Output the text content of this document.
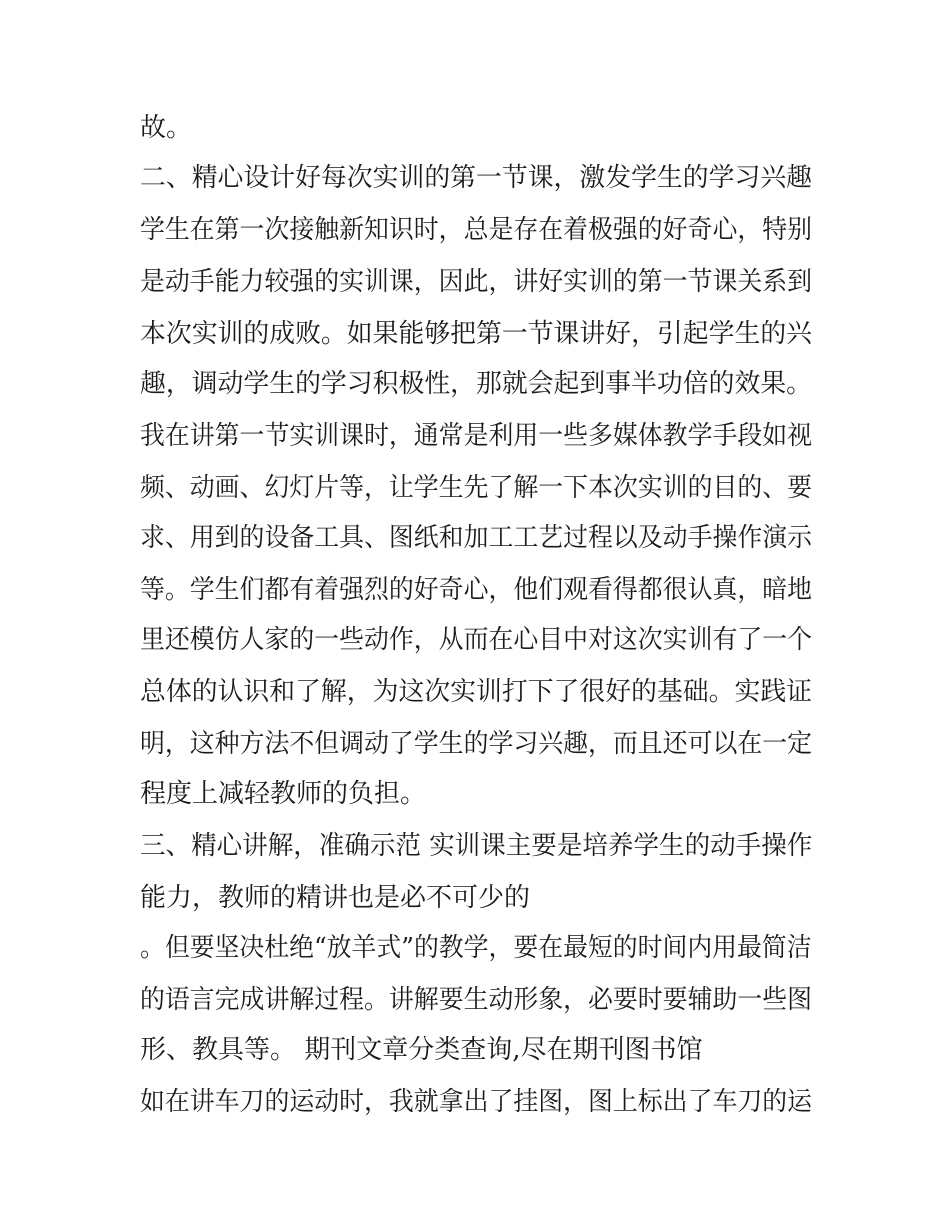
故。
二、精心设计好每次实训的第一节课，激发学生的学习兴趣
学生在第一次接触新知识时，总是存在着极强的好奇心，特别
是动手能力较强的实训课，因此，讲好实训的第一节课关系到
本次实训的成败。如果能够把第一节课讲好，引起学生的兴
趣，调动学生的学习积极性，那就会起到事半功倍的效果。
我在讲第一节实训课时，通常是利用一些多媒体教学手段如视
频、动画、幻灯片等，让学生先了解一下本次实训的目的、要
求、用到的设备工具、图纸和加工工艺过程以及动手操作演示
等。学生们都有着强烈的好奇心，他们观看得都很认真，暗地
里还模仿人家的一些动作，从而在心目中对这次实训有了一个
总体的认识和了解，为这次实训打下了很好的基础。实践证
明，这种方法不但调动了学生的学习兴趣，而且还可以在一定
程度上减轻教师的负担。
三、精心讲解，准确示范 实训课主要是培养学生的动手操作
能力，教师的精讲也是必不可少的
。但要坚决杜绝“放羊式”的教学，要在最短的时间内用最简洁
的语言完成讲解过程。讲解要生动形象，必要时要辅助一些图
形、教具等。 期刊文章分类查询,尽在期刊图书馆
如在讲车刀的运动时，我就拿出了挂图，图上标出了车刀的运
